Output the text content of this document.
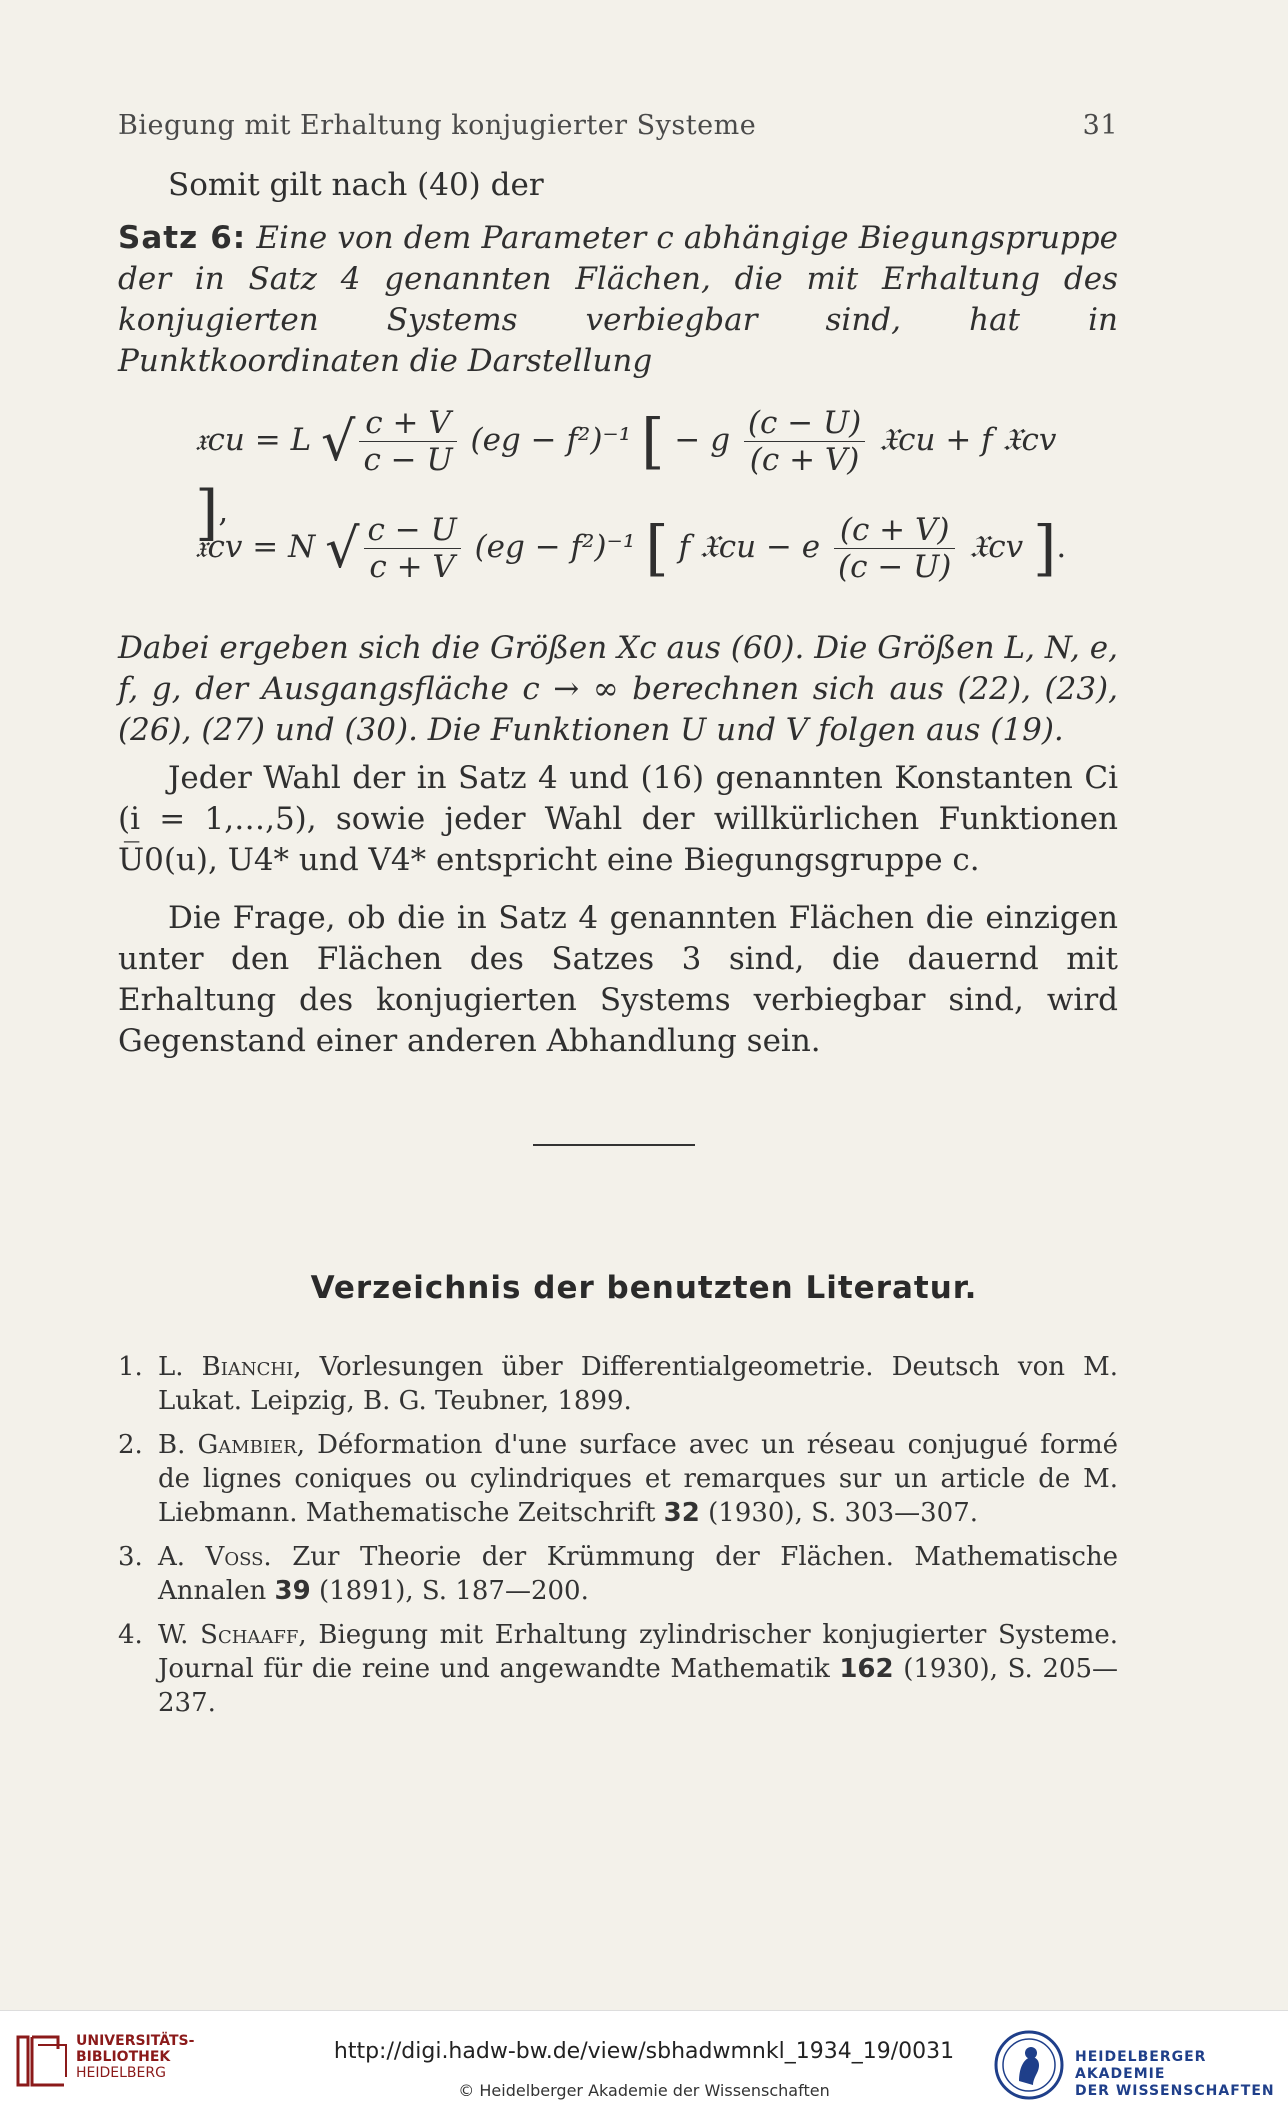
Biegung mit Erhaltung konjugierter Systeme	31
Somit gilt nach (40) der
Satz 6: Eine von dem Parameter c abhängige Biegungspruppe der in Satz 4 genannten Flächen, die mit Erhaltung des konjugierten Systems verbiegbar sind, hat in Punktkoordinaten die Darstellung
𝔵cu = L √ $\frac{c + V}{c - U} (eg - f^2)^{-1}$ [ − g $\frac{(c - U)}{(c + V)}$ 𝔛cu + f 𝔛cv ],
𝔵cv = N √ $\frac{c - U}{c + V} (eg - f^2)^{-1}$ [ f 𝔛cu − e $\frac{(c + V)}{(c - U)}$ 𝔛cv ].
Dabei ergeben sich die Größen Xc aus (60). Die Größen L, N, e, f, g, der Ausgangsfläche c → ∞ berechnen sich aus (22), (23), (26), (27) und (30). Die Funktionen U und V folgen aus (19).
Jeder Wahl der in Satz 4 und (16) genannten Konstanten Ci (i = 1,…,5), sowie jeder Wahl der willkürlichen Funktionen U̅0(u), U4* und V4* entspricht eine Biegungsgruppe c.
Die Frage, ob die in Satz 4 genannten Flächen die einzigen unter den Flächen des Satzes 3 sind, die dauernd mit Erhaltung des konjugierten Systems verbiegbar sind, wird Gegenstand einer anderen Abhandlung sein.
Verzeichnis der benutzten Literatur.
1. L. Bianchi, Vorlesungen über Differentialgeometrie. Deutsch von M. Lukat. Leipzig, B. G. Teubner, 1899.
2. B. Gambier, Déformation d'une surface avec un réseau conjugué formé de lignes coniques ou cylindriques et remarques sur un article de M. Liebmann. Mathematische Zeitschrift 32 (1930), S. 303—307.
3. A. Voss. Zur Theorie der Krümmung der Flächen. Mathematische Annalen 39 (1891), S. 187—200.
4. W. Schaaff, Biegung mit Erhaltung zylindrischer konjugierter Systeme. Journal für die reine und angewandte Mathematik 162 (1930), S. 205—237.
UNIVERSITÄTS-
BIBLIOTHEK
HEIDELBERG
http://digi.hadw-bw.de/view/sbhadwmnkl_1934_19/0031
© Heidelberger Akademie der Wissenschaften
HEIDELBERGER AKADEMIE
DER WISSENSCHAFTEN
